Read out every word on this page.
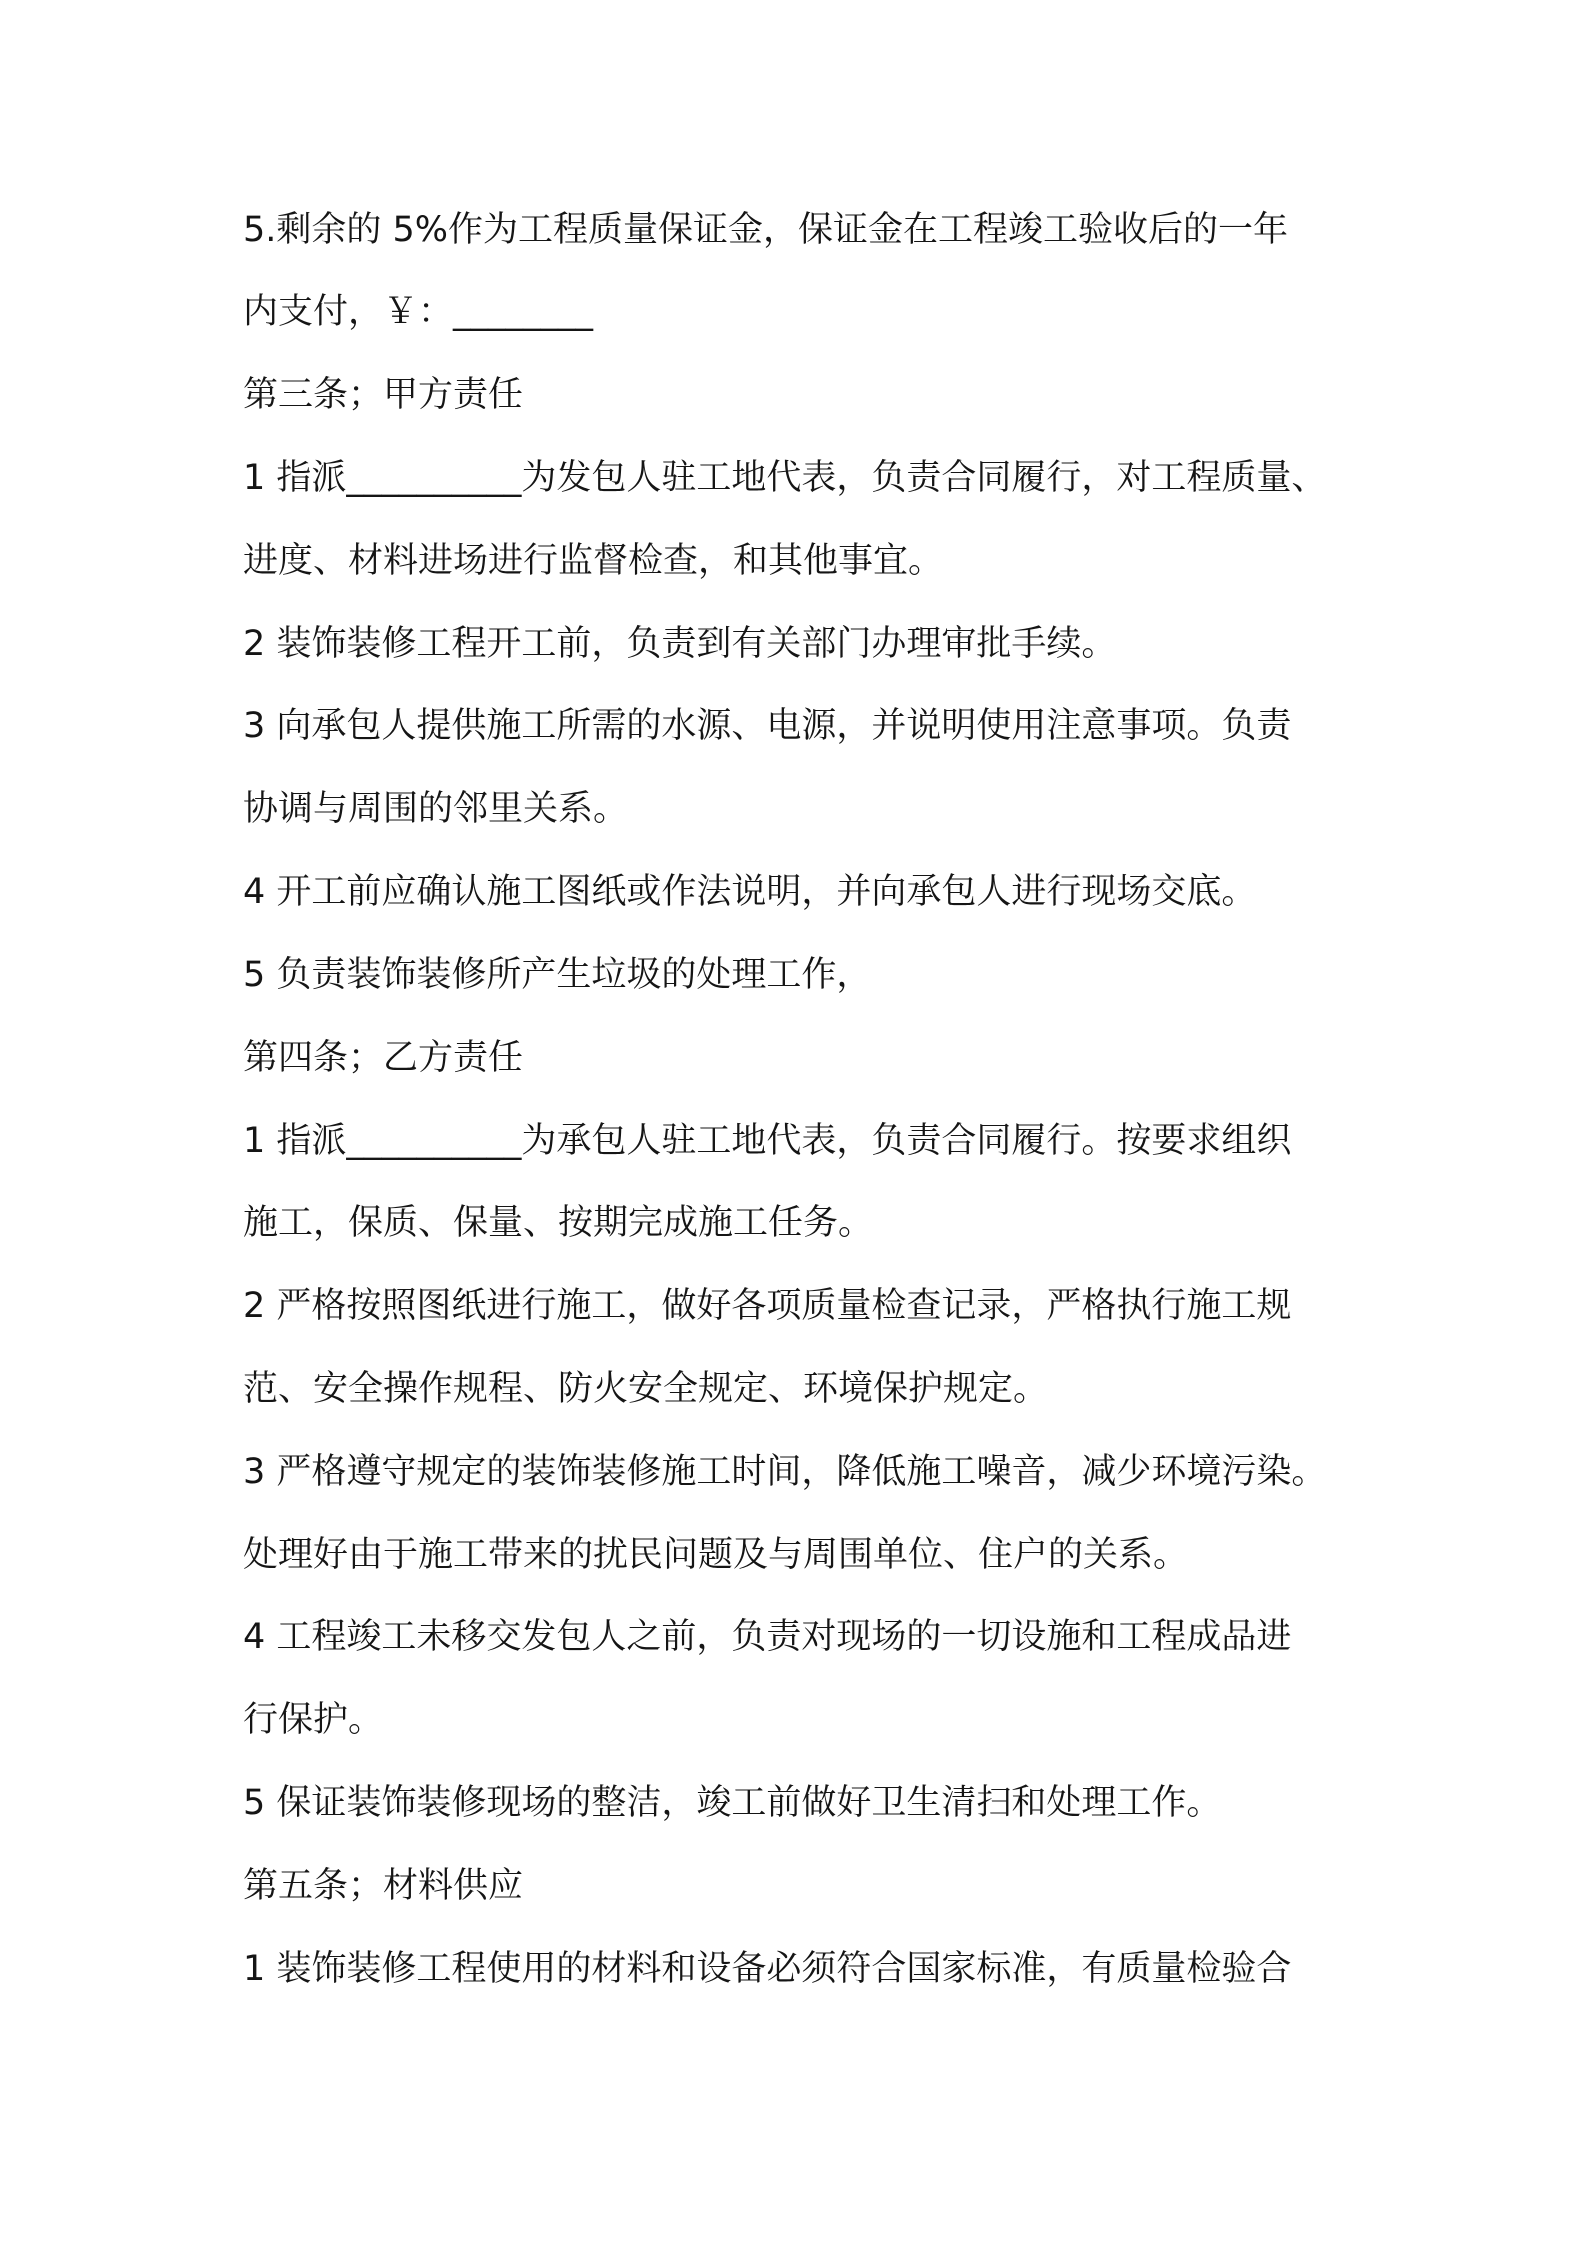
5.剩余的 5%作为工程质量保证金，保证金在工程竣工验收后的一年
内支付，￥：________
第三条；甲方责任
1 指派__________为发包人驻工地代表，负责合同履行，对工程质量、
进度、材料进场进行监督检查，和其他事宜。
2 装饰装修工程开工前，负责到有关部门办理审批手续。
3 向承包人提供施工所需的水源、电源，并说明使用注意事项。负责
协调与周围的邻里关系。
4 开工前应确认施工图纸或作法说明，并向承包人进行现场交底。
5 负责装饰装修所产生垃圾的处理工作，
第四条；乙方责任
1 指派__________为承包人驻工地代表，负责合同履行。按要求组织
施工，保质、保量、按期完成施工任务。
2 严格按照图纸进行施工，做好各项质量检查记录，严格执行施工规
范、安全操作规程、防火安全规定、环境保护规定。
3 严格遵守规定的装饰装修施工时间，降低施工噪音，减少环境污染。
处理好由于施工带来的扰民问题及与周围单位、住户的关系。
4 工程竣工未移交发包人之前，负责对现场的一切设施和工程成品进
行保护。
5 保证装饰装修现场的整洁，竣工前做好卫生清扫和处理工作。
第五条；材料供应
1 装饰装修工程使用的材料和设备必须符合国家标准，有质量检验合
